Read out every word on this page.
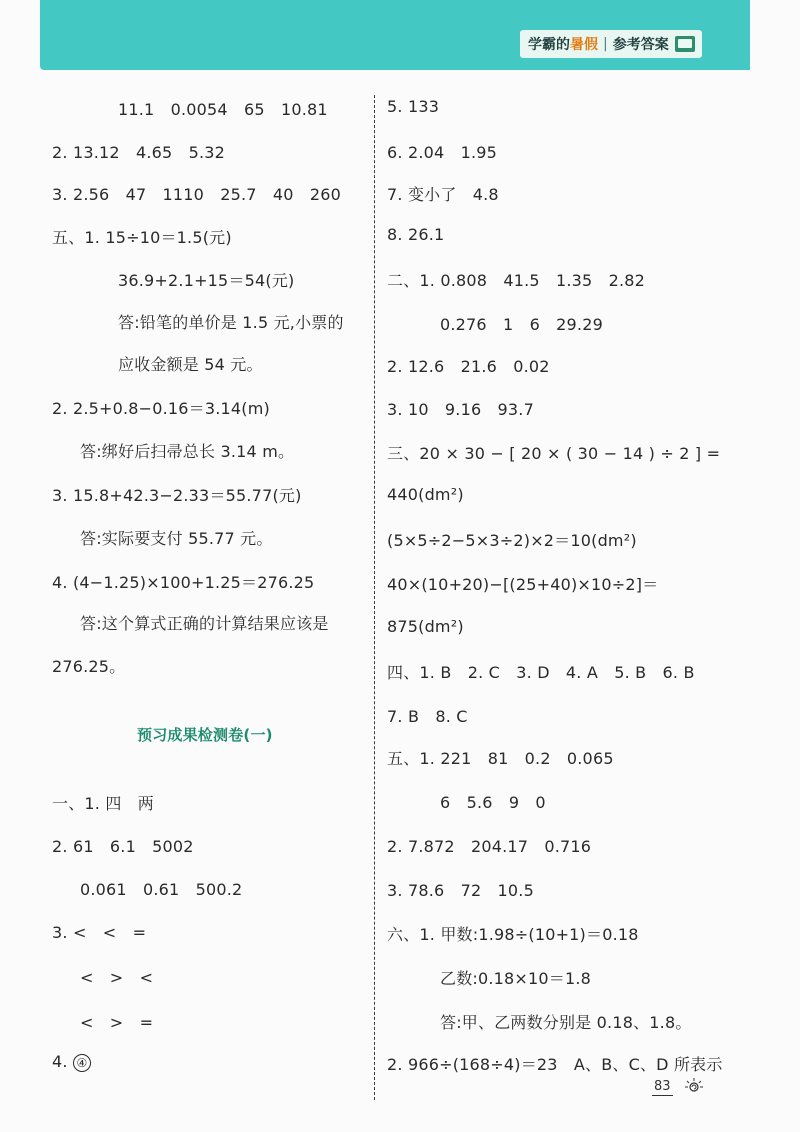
学霸的 暑假 | 参考答案
11.1　0.0054　65　10.81
2. 13.12　4.65　5.32
3. 2.56　47　1110　25.7　40　260
五、1. 15÷10＝1.5(元)
36.9+2.1+15＝54(元)
答:铅笔的单价是 1.5 元,小票的
应收金额是 54 元。
2. 2.5+0.8−0.16＝3.14(m)
答:绑好后扫帚总长 3.14 m。
3. 15.8+42.3−2.33＝55.77(元)
答:实际要支付 55.77 元。
4. (4−1.25)×100+1.25＝276.25
答:这个算式正确的计算结果应该是
276.25。
预习成果检测卷(一)
一、1. 四　两
2. 61　6.1　5002
0.061　0.61　500.2
3. <　<　=
<　>　<
<　>　=
4. ④
5. 133
6. 2.04　1.95
7. 变小了　4.8
8. 26.1
二、1. 0.808　41.5　1.35　2.82
0.276　1　6　29.29
2. 12.6　21.6　0.02
3. 10　9.16　93.7
三、20 × 30 − [ 20 × ( 30 − 14 ) ÷ 2 ] =
440(dm²)
(5×5÷2−5×3÷2)×2＝10(dm²)
40×(10+20)−[(25+40)×10÷2]＝
875(dm²)
四、1. B　2. C　3. D　4. A　5. B　6. B
7. B　8. C
五、1. 221　81　0.2　0.065
6　5.6　9　0
2. 7.872　204.17　0.716
3. 78.6　72　10.5
六、1. 甲数:1.98÷(10+1)＝0.18
乙数:0.18×10＝1.8
答:甲、乙两数分别是 0.18、1.8。
2. 966÷(168÷4)＝23　A、B、C、D 所表示
83
